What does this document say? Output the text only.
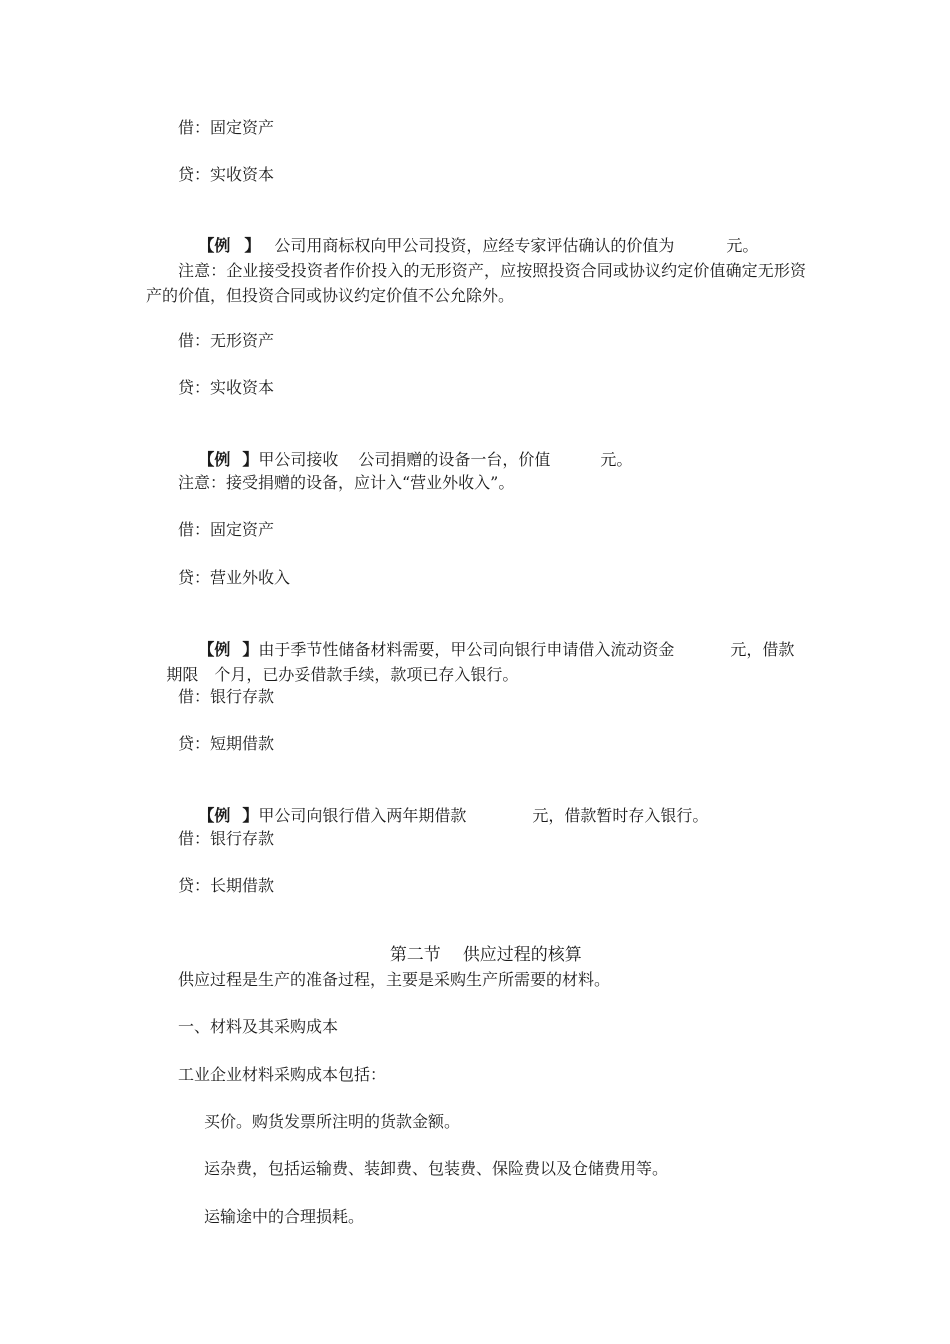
借：固定资产
贷：实收资本

【例 】 公司用商标权向甲公司投资，应经专家评估确认的价值为	元。

注意：企业接受投资者作价投入的无形资产，应按照投资合同或协议约定价值确定无形资产的价值，但投资合同或协议约定价值不公允除外。
借：无形资产
贷：实收资本

【例 】甲公司接收 公司捐赠的设备一台，价值	元。

注意：接受捐赠的设备，应计入“营业外收入”。
借：固定资产
贷：营业外收入

【例 】由于季节性储备材料需要，甲公司向银行申请借入流动资金	元，借款

期限 个月，已办妥借款手续，款项已存入银行。

借：银行存款
贷：短期借款

【例 】甲公司向银行借入两年期借款	元，借款暂时存入银行。

借：银行存款
贷：长期借款

第二节 供应过程的核算

供应过程是生产的准备过程，主要是采购生产所需要的材料。
一、材料及其采购成本
工业企业材料采购成本包括：
买价。购货发票所注明的货款金额。
运杂费，包括运输费、装卸费、包装费、保险费以及仓储费用等。
运输途中的合理损耗。
